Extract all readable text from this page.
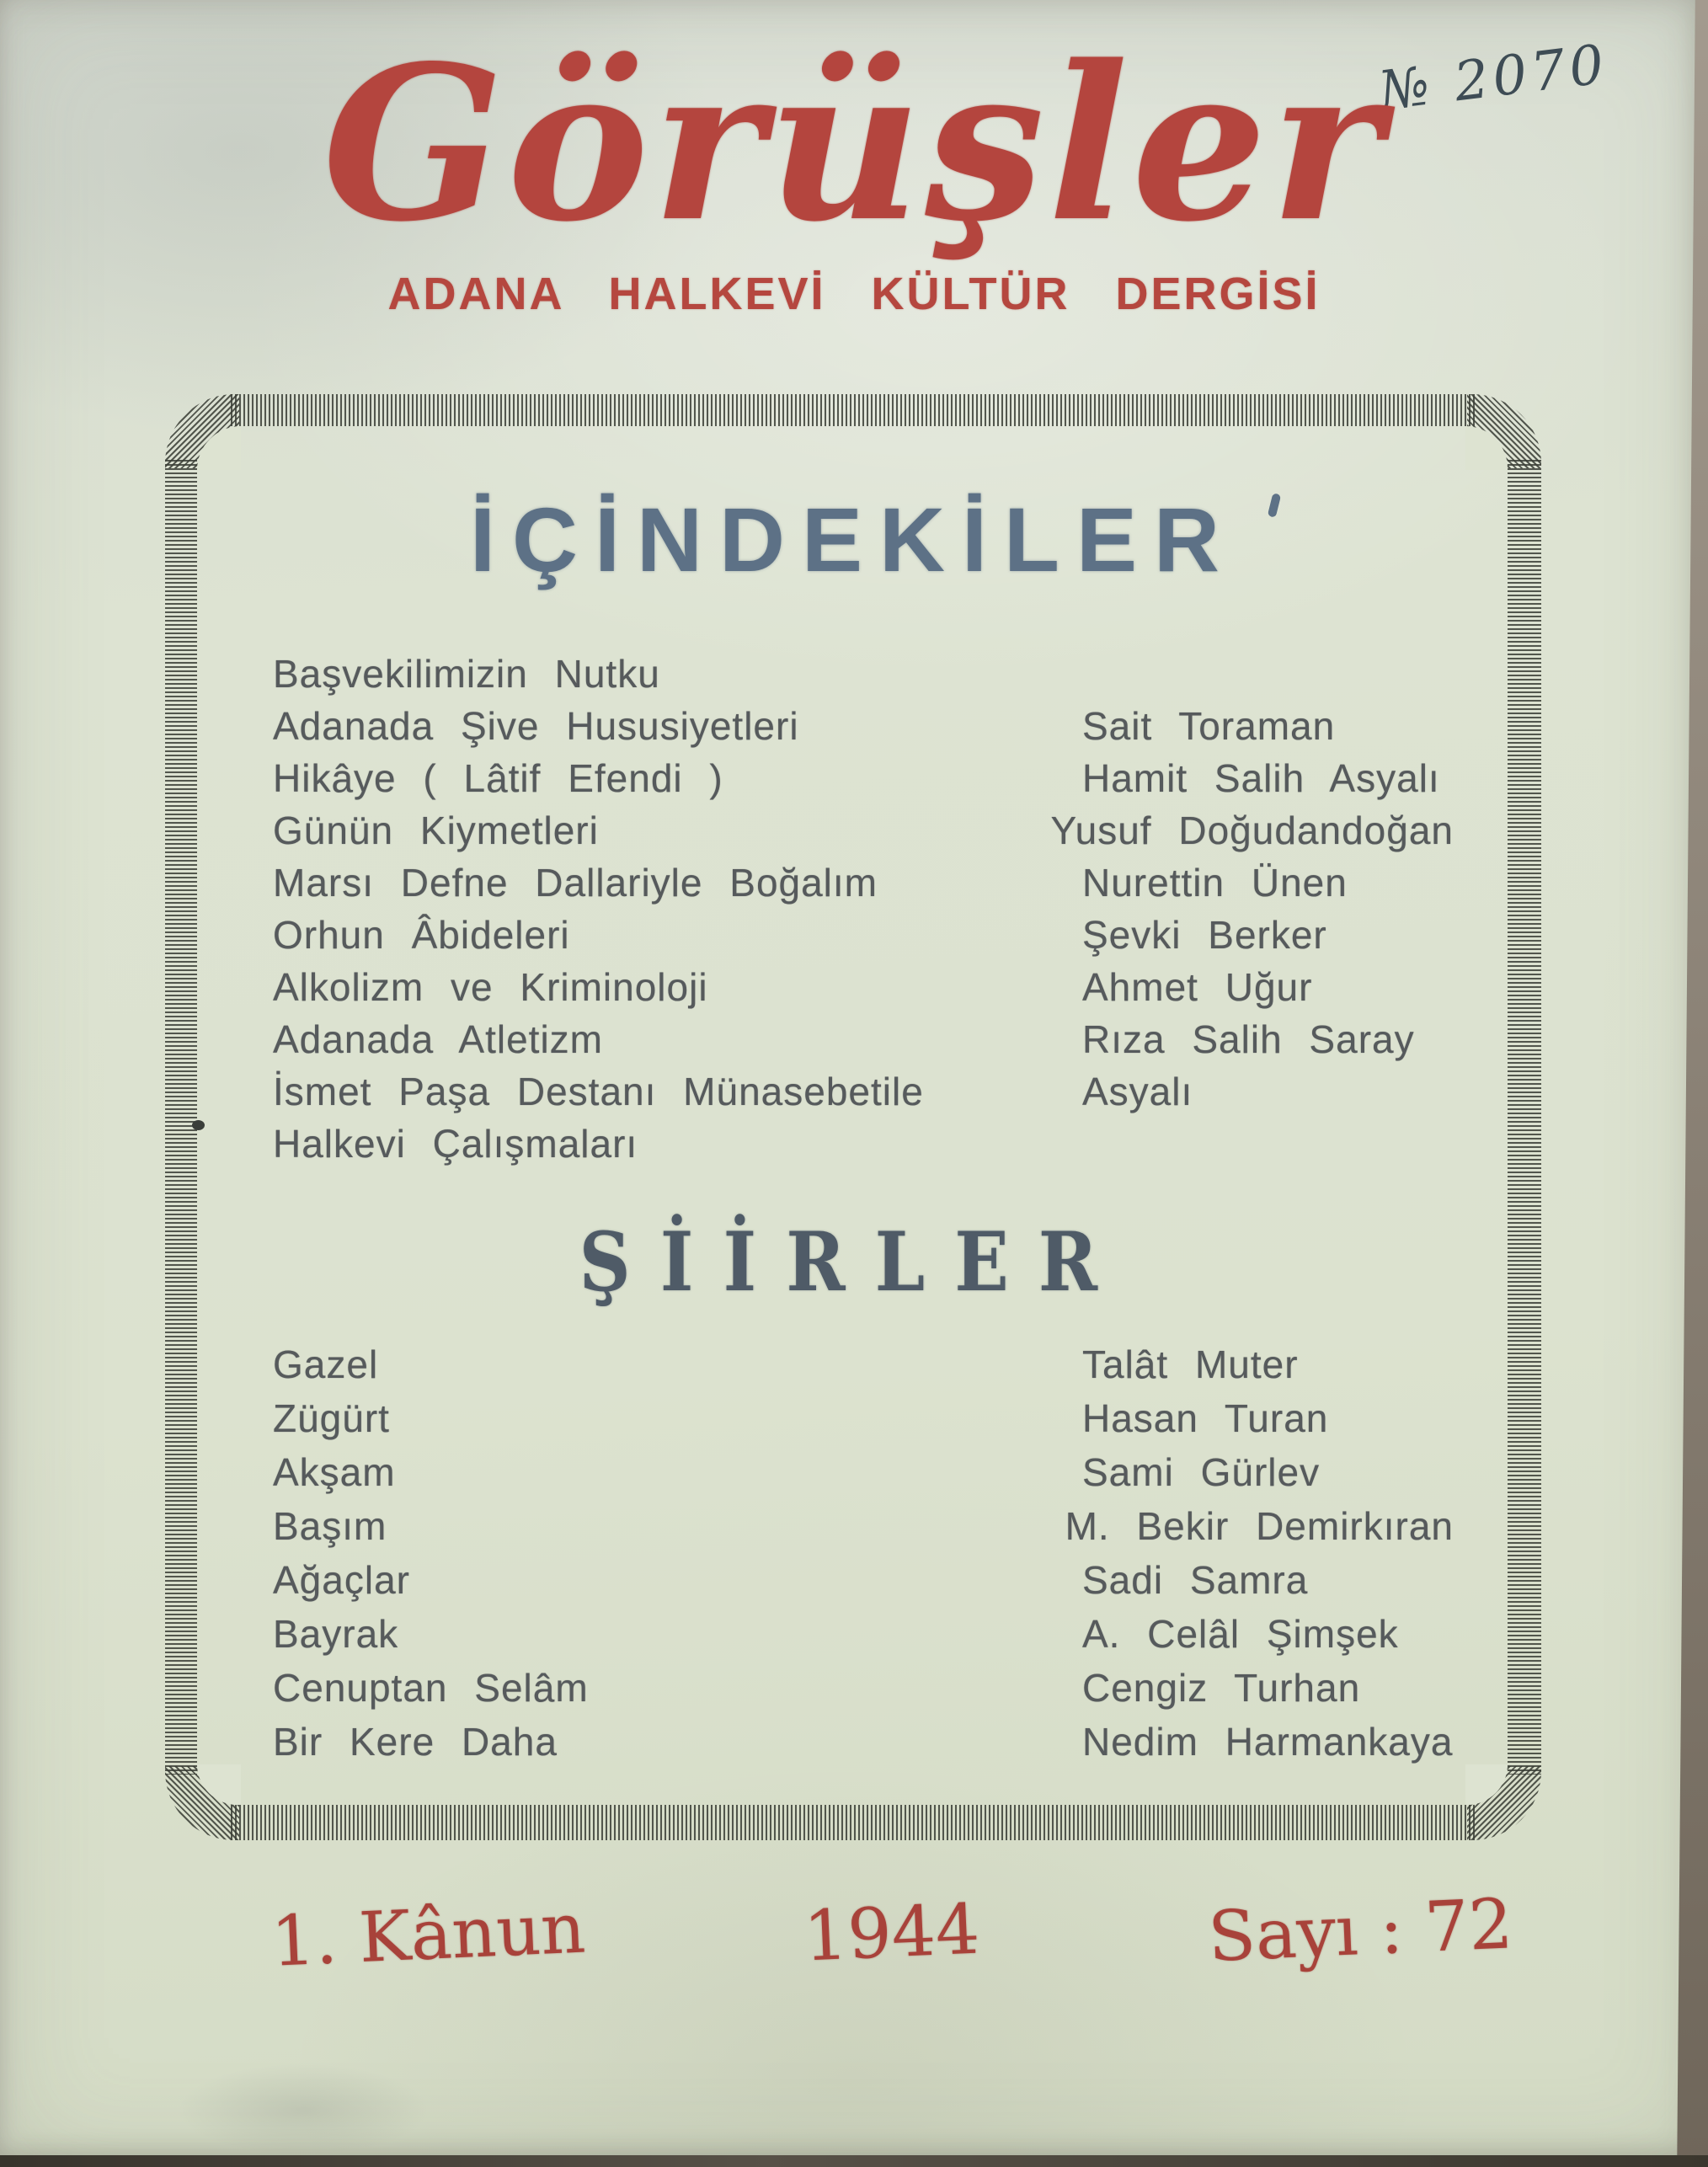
№ 2070
Görüşler
ADANA HALKEVİ KÜLTÜR DERGİSİ
İÇİNDEKİLER
Başvekilimizin Nutku
Adanada Şive Hususiyetleri	Sait Toraman
Hikâye ( Lâtif Efendi )	Hamit Salih Asyalı
Günün Kiymetleri	Yusuf Doğudandoğan
Marsı Defne Dallariyle Boğalım	Nurettin Ünen
Orhun Âbideleri	Şevki Berker
Alkolizm ve Kriminoloji	Ahmet Uğur
Adanada Atletizm	Rıza Salih Saray
İsmet Paşa Destanı Münasebetile	Asyalı
Halkevi Çalışmaları
ŞİİRLER
Gazel	Talât Muter
Zügürt	Hasan Turan
Akşam	Sami Gürlev
Başım	M. Bekir Demirkıran
Ağaçlar	Sadi Samra
Bayrak	A. Celâl Şimşek
Cenuptan Selâm	Cengiz Turhan
Bir Kere Daha	Nedim Harmankaya
1. Kânun	1944	Sayı : 72
